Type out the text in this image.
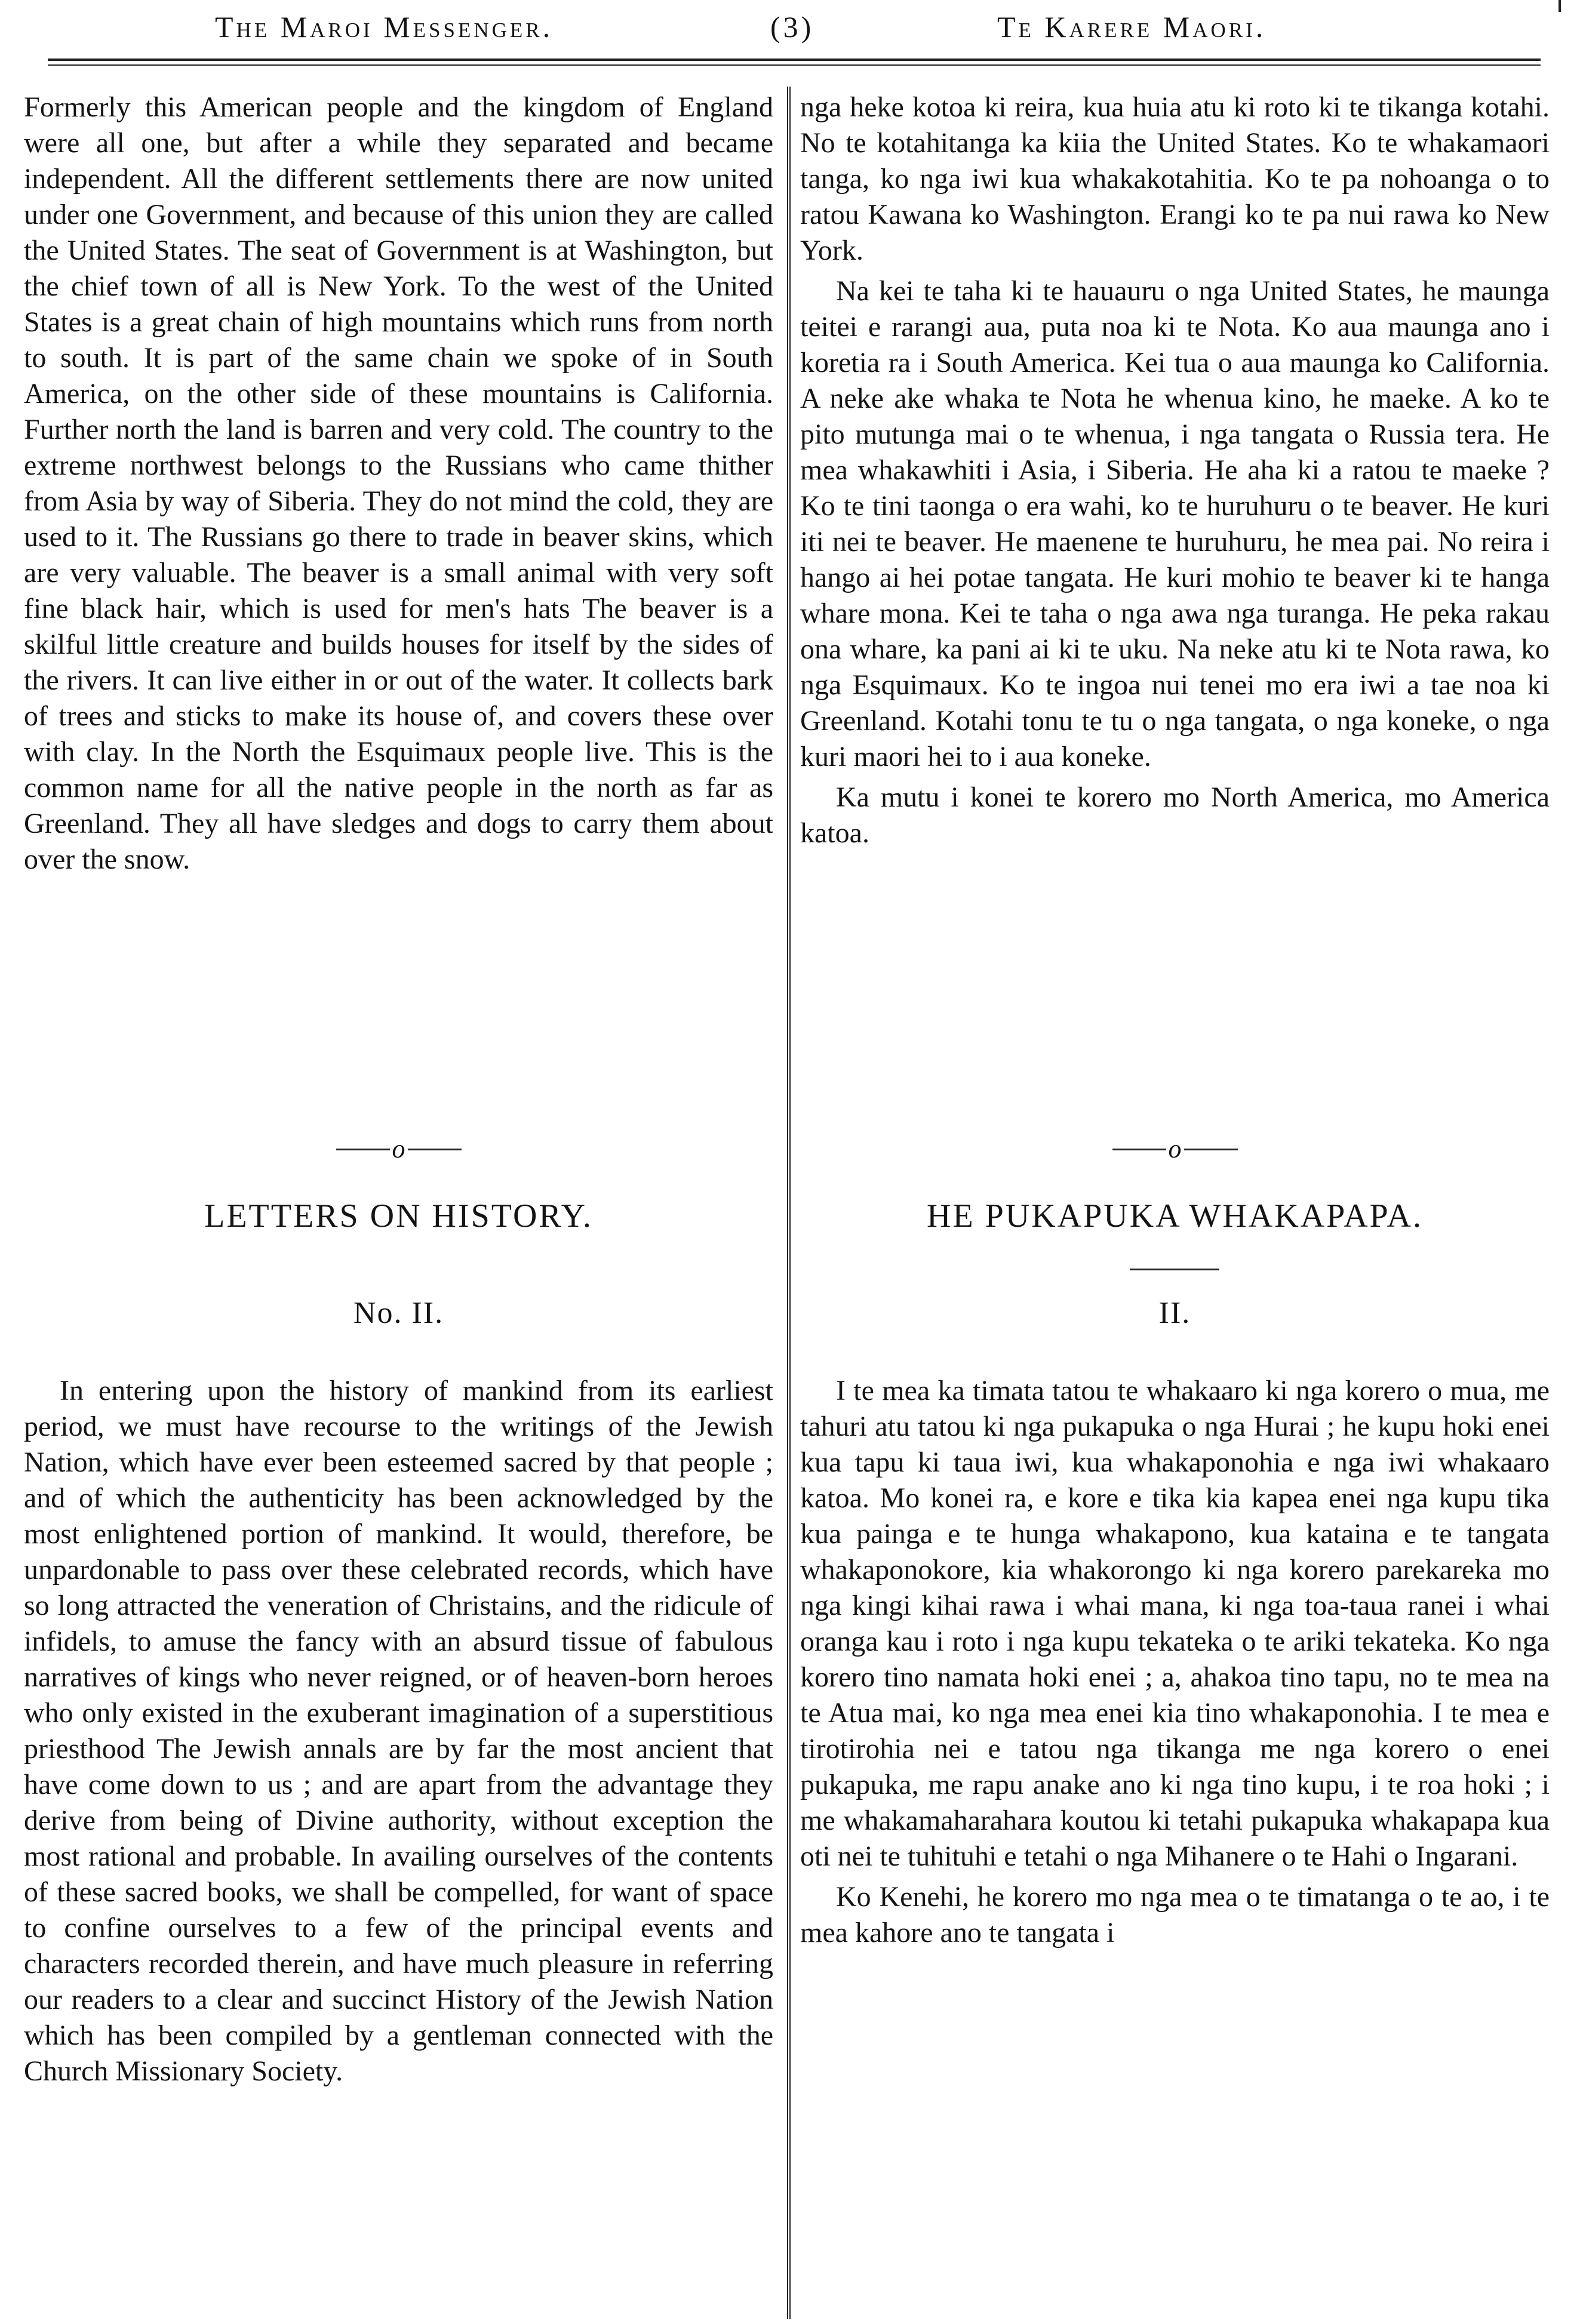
The Maroi Messenger.	(3)	Te Karere Maori.

Formerly this American people and the kingdom of England were all one, but after a while they separated and became independent. All the different settlements there are now united under one Government, and because of this union they are called the United States. The seat of Government is at Washington, but the chief town of all is New York. To the west of the United States is a great chain of high mountains which runs from north to south. It is part of the same chain we spoke of in South America, on the other side of these mountains is California. Further north the land is barren and very cold. The country to the extreme northwest belongs to the Russians who came thither from Asia by way of Siberia. They do not mind the cold, they are used to it. The Russians go there to trade in beaver skins, which are very valuable. The beaver is a small animal with very soft fine black hair, which is used for men's hats The beaver is a skilful little creature and builds houses for itself by the sides of the rivers. It can live either in or out of the water. It collects bark of trees and sticks to make its house of, and covers these over with clay. In the North the Esquimaux people live. This is the common name for all the native people in the north as far as Greenland. They all have sledges and dogs to carry them about over the snow.

o
LETTERS ON HISTORY.
No. II.

In entering upon the history of mankind from its earliest period, we must have recourse to the writings of the Jewish Nation, which have ever been esteemed sacred by that people ; and of which the authenticity has been acknowledged by the most enlightened portion of mankind. It would, therefore, be unpardonable to pass over these celebrated records, which have so long attracted the veneration of Christains, and the ridicule of infidels, to amuse the fancy with an absurd tissue of fabulous narratives of kings who never reigned, or of heaven-born heroes who only existed in the exuberant imagination of a superstitious priesthood The Jewish annals are by far the most ancient that have come down to us ; and are apart from the advantage they derive from being of Divine authority, without exception the most rational and probable. In availing ourselves of the contents of these sacred books, we shall be compelled, for want of space to confine ourselves to a few of the principal events and characters recorded therein, and have much pleasure in referring our readers to a clear and succinct History of the Jewish Nation which has been compiled by a gentleman connected with the Church Missionary Society.

nga heke kotoa ki reira, kua huia atu ki roto ki te tikanga kotahi. No te kotahitanga ka kiia the United States. Ko te whakamaori tanga, ko nga iwi kua whakakotahitia. Ko te pa nohoanga o to ratou Kawana ko Washington. Erangi ko te pa nui rawa ko New York.

Na kei te taha ki te hauauru o nga United States, he maunga teitei e rarangi aua, puta noa ki te Nota. Ko aua maunga ano i koretia ra i South America. Kei tua o aua maunga ko California. A neke ake whaka te Nota he whenua kino, he maeke. A ko te pito mutunga mai o te whenua, i nga tangata o Russia tera. He mea whakawhiti i Asia, i Siberia. He aha ki a ratou te maeke ? Ko te tini taonga o era wahi, ko te huruhuru o te beaver. He kuri iti nei te beaver. He maenene te huruhuru, he mea pai. No reira i hango ai hei potae tangata. He kuri mohio te beaver ki te hanga whare mona. Kei te taha o nga awa nga turanga. He peka rakau ona whare, ka pani ai ki te uku. Na neke atu ki te Nota rawa, ko nga Esquimaux. Ko te ingoa nui tenei mo era iwi a tae noa ki Greenland. Kotahi tonu te tu o nga tangata, o nga koneke, o nga kuri maori hei to i aua koneke.

Ka mutu i konei te korero mo North America, mo America katoa.

o
HE PUKAPUKA WHAKAPAPA.
II.

I te mea ka timata tatou te whakaaro ki nga korero o mua, me tahuri atu tatou ki nga pukapuka o nga Hurai ; he kupu hoki enei kua tapu ki taua iwi, kua whakaponohia e nga iwi whakaaro katoa. Mo konei ra, e kore e tika kia kapea enei nga kupu tika kua painga e te hunga whakapono, kua kataina e te tangata whakaponokore, kia whakorongo ki nga korero parekareka mo nga kingi kihai rawa i whai mana, ki nga toa-taua ranei i whai oranga kau i roto i nga kupu tekateka o te ariki tekateka. Ko nga korero tino namata hoki enei ; a, ahakoa tino tapu, no te mea na te Atua mai, ko nga mea enei kia tino whakaponohia. I te mea e tirotirohia nei e tatou nga tikanga me nga korero o enei pukapuka, me rapu anake ano ki nga tino kupu, i te roa hoki ; i me whakamaharahara koutou ki tetahi pukapuka whakapapa kua oti nei te tuhituhi e tetahi o nga Mihanere o te Hahi o Ingarani.

Ko Kenehi, he korero mo nga mea o te timatanga o te ao, i te mea kahore ano te tangata i
